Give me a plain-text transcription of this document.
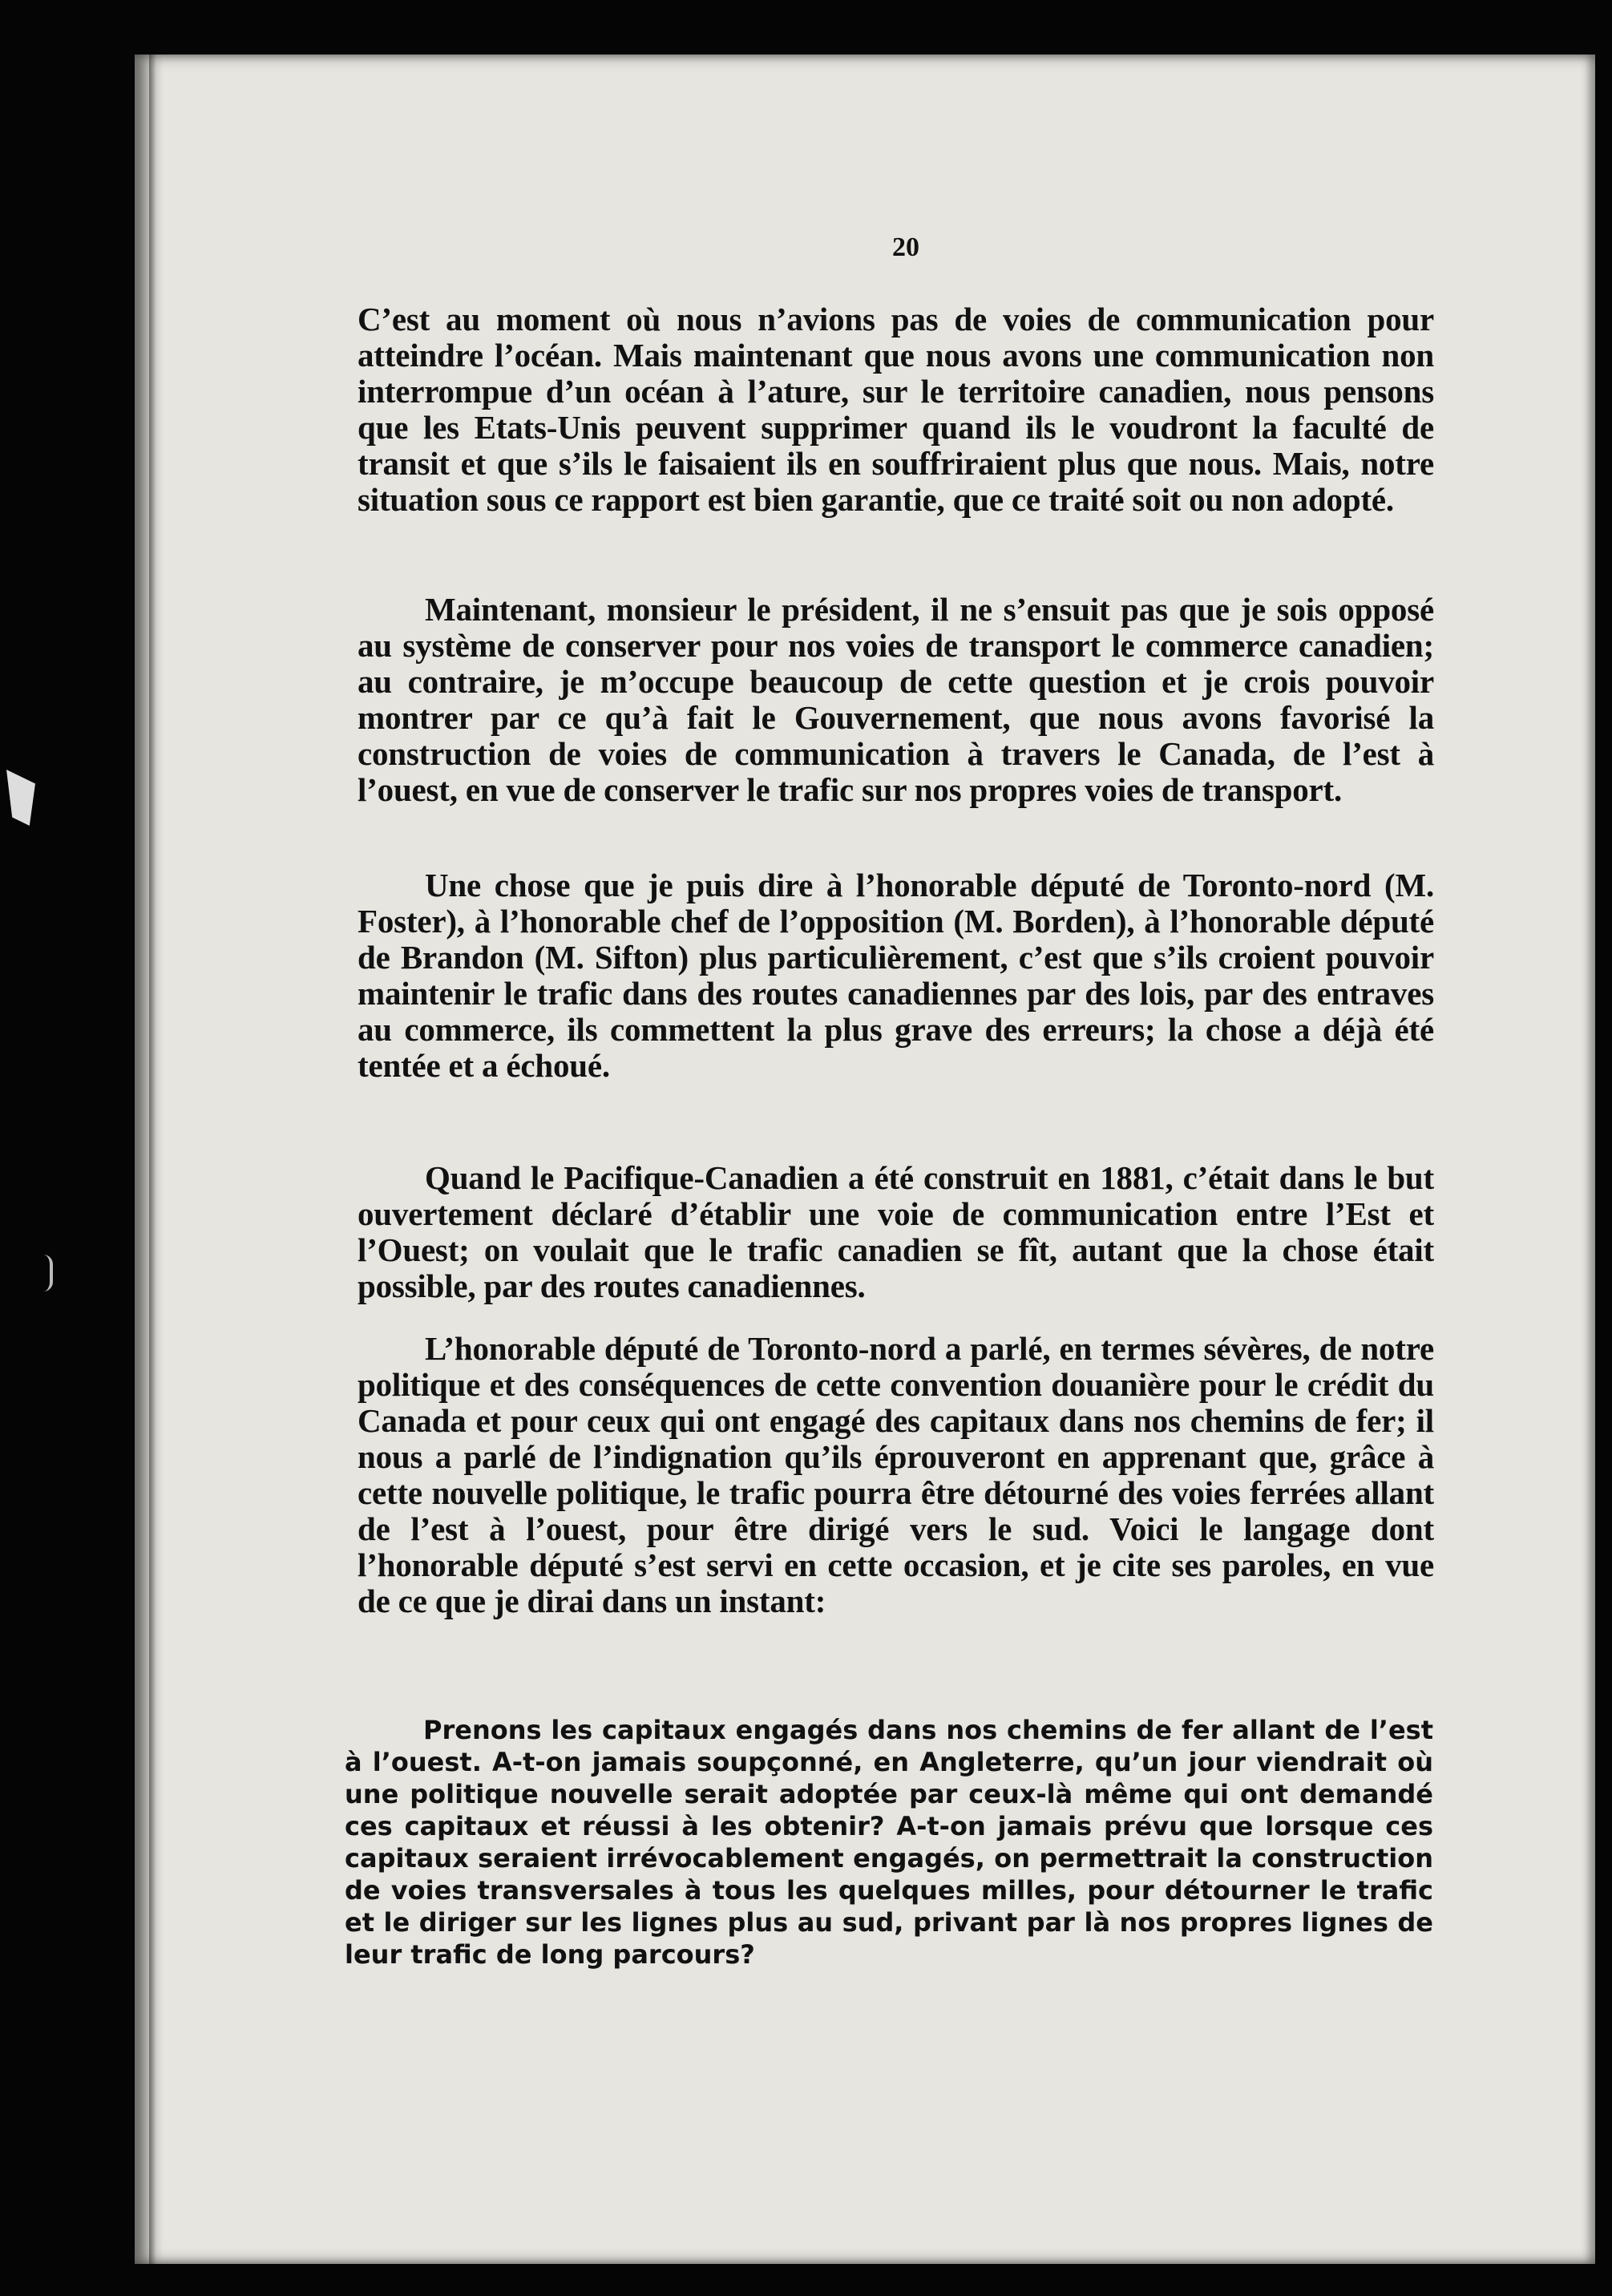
20

C’est au moment où nous n’avions pas de voies de communication pour atteindre l’océan. Mais maintenant que nous avons une communication non interrompue d’un océan à l’ature, sur le territoire canadien, nous pensons que les Etats-Unis peuvent supprimer quand ils le voudront la faculté de transit et que s’ils le faisaient ils en souffriraient plus que nous. Mais, notre situation sous ce rapport est bien garantie, que ce traité soit ou non adopté.

Maintenant, monsieur le président, il ne s’ensuit pas que je sois opposé au système de conserver pour nos voies de transport le commerce canadien; au contraire, je m’occupe beaucoup de cette question et je crois pouvoir montrer par ce qu’à fait le Gouvernement, que nous avons favorisé la construction de voies de communication à travers le Canada, de l’est à l’ouest, en vue de conserver le trafic sur nos propres voies de transport.

Une chose que je puis dire à l’honorable député de Toronto-nord (M. Foster), à l’honorable chef de l’opposition (M. Borden), à l’honorable député de Brandon (M. Sifton) plus particulièrement, c’est que s’ils croient pouvoir maintenir le trafic dans des routes canadiennes par des lois, par des entraves au commerce, ils commettent la plus grave des erreurs; la chose a déjà été tentée et a échoué.

Quand le Pacifique-Canadien a été construit en 1881, c’était dans le but ouvertement déclaré d’établir une voie de communication entre l’Est et l’Ouest; on voulait que le trafic canadien se fît, autant que la chose était possible, par des routes canadiennes.

L’honorable député de Toronto-nord a parlé, en termes sévères, de notre politique et des conséquences de cette convention douanière pour le crédit du Canada et pour ceux qui ont engagé des capitaux dans nos chemins de fer; il nous a parlé de l’indignation qu’ils éprouveront en apprenant que, grâce à cette nouvelle politique, le trafic pourra être détourné des voies ferrées allant de l’est à l’ouest, pour être dirigé vers le sud. Voici le langage dont l’honorable député s’est servi en cette occasion, et je cite ses paroles, en vue de ce que je dirai dans un instant:

Prenons les capitaux engagés dans nos chemins de fer allant de l’est à l’ouest. A-t-on jamais soupçonné, en Angleterre, qu’un jour viendrait où une politique nouvelle serait adoptée par ceux-là même qui ont demandé ces capitaux et réussi à les obtenir? A-t-on jamais prévu que lorsque ces capitaux seraient irrévocablement engagés, on permettrait la construction de voies transversales à tous les quelques milles, pour détourner le trafic et le diriger sur les lignes plus au sud, privant par là nos propres lignes de leur trafic de long parcours?
